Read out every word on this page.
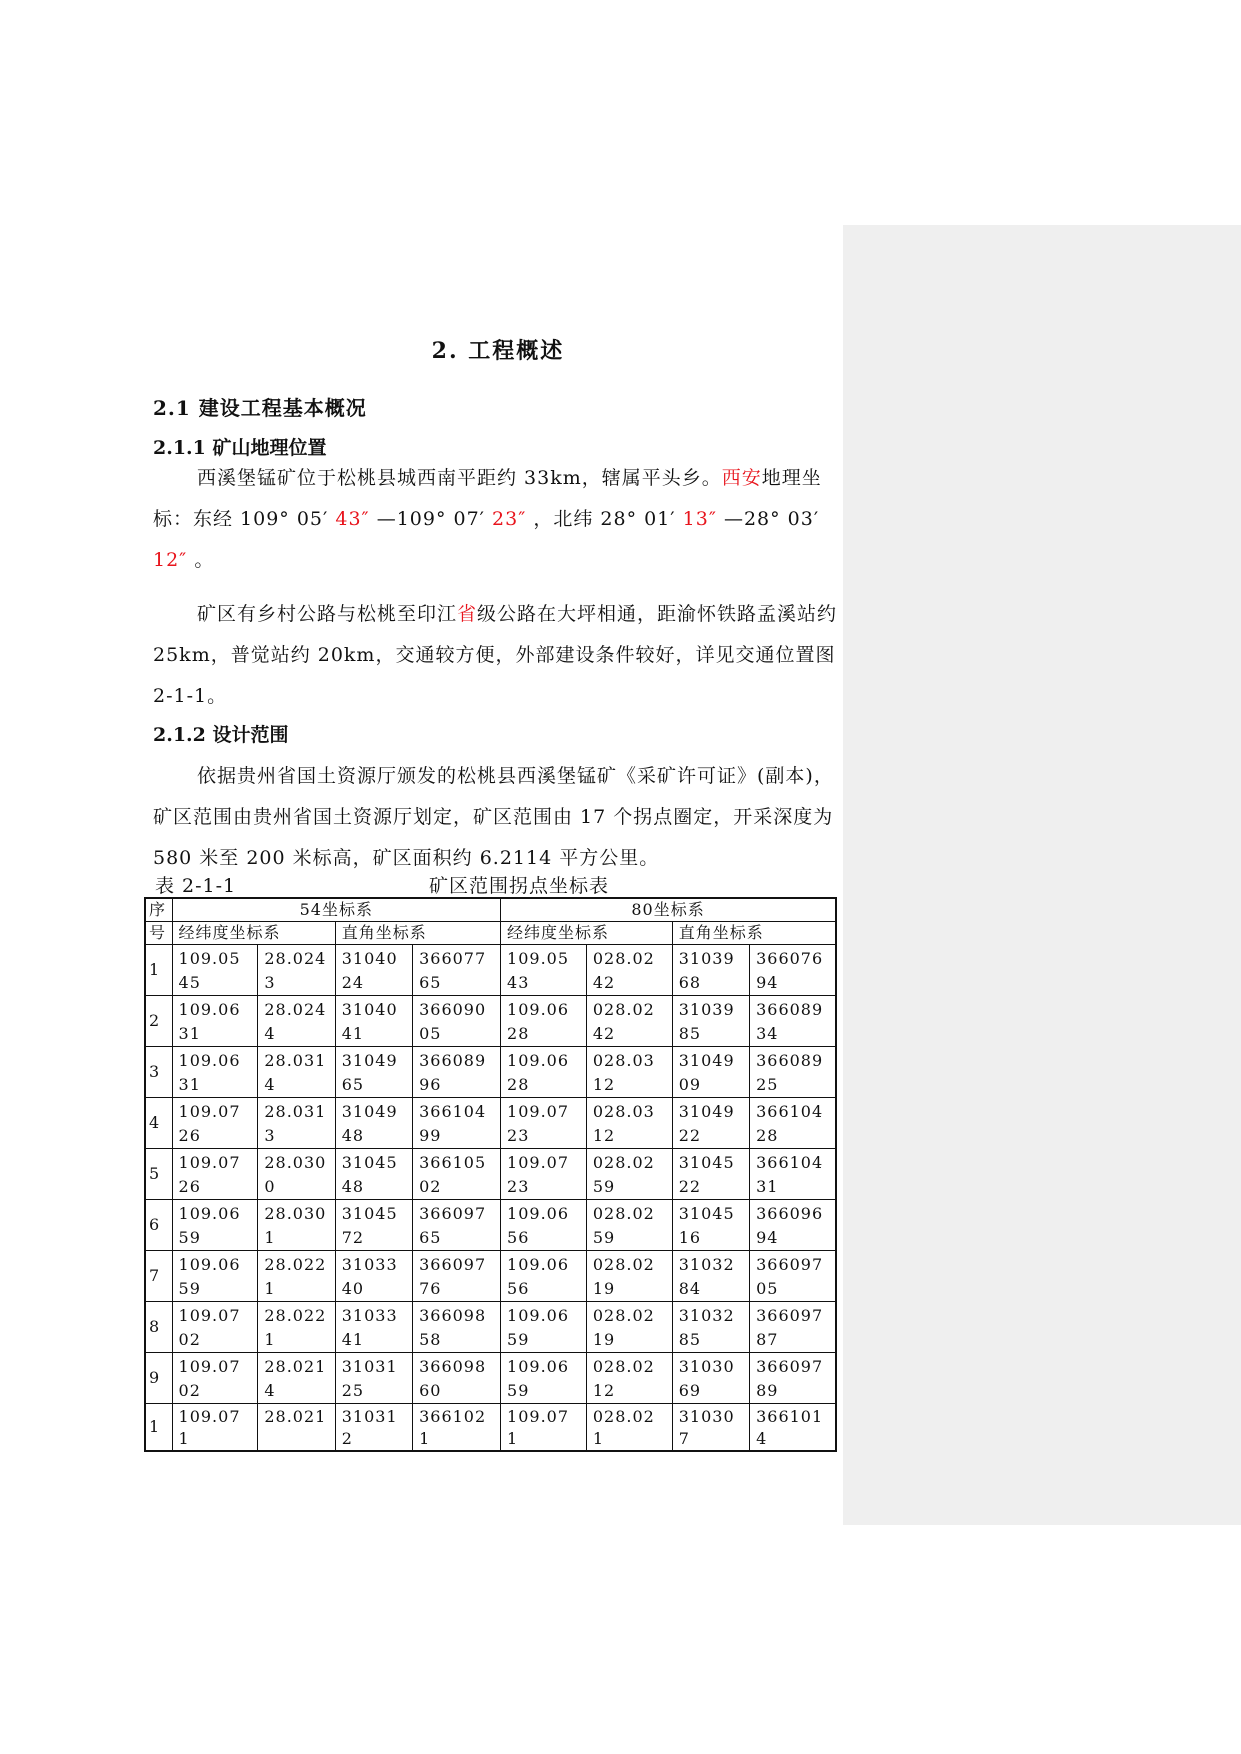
2. 工程概述
2.1 建设工程基本概况
2.1.1 矿山地理位置
西溪堡锰矿位于松桃县城西南平距约 33km，辖属平头乡。西安地理坐标：东经 109° 05′ 43″ —109° 07′ 23″ ，北纬 28° 01′ 13″ —28° 03′ 12″ 。
矿区有乡村公路与松桃至印江省级公路在大坪相通，距渝怀铁路孟溪站约 25km，普觉站约 20km，交通较方便，外部建设条件较好，详见交通位置图 2-1-1。
2.1.2 设计范围
依据贵州省国土资源厅颁发的松桃县西溪堡锰矿《采矿许可证》(副本)，矿区范围由贵州省国土资源厅划定，矿区范围由 17 个拐点圈定，开采深度为 580 米至 200 米标高，矿区面积约 6.2114 平方公里。
表 2-1-1	矿区范围拐点坐标表
序	54坐标系				80坐标系			
号	经纬度坐标系		直角坐标系		经纬度坐标系		直角坐标系	
1	109.0545	28.0243	3104024	36607765	109.0543	028.0242	3103968	36607694

2	109.0631	28.0244	3104041	36609005	109.0628	028.0242	3103985	36608934

3	109.0631	28.0314	3104965	36608996	109.0628	028.0312	3104909	36608925

4	109.0726	28.0313	3104948	36610499	109.0723	028.0312	3104922	36610428

5	109.0726	28.0300	3104548	36610502	109.0723	028.0259	3104522	36610431

6	109.0659	28.0301	3104572	36609765	109.0656	028.0259	3104516	36609694

7	109.0659	28.0221	3103340	36609776	109.0656	028.0219	3103284	36609705

8	109.0702	28.0221	3103341	36609858	109.0659	028.0219	3103285	36609787

9	109.0702	28.0214	3103125	36609860	109.0659	028.0212	3103069	36609789

1	109.071	28.021	310312	3661021	109.071	028.021	310307	3661014
